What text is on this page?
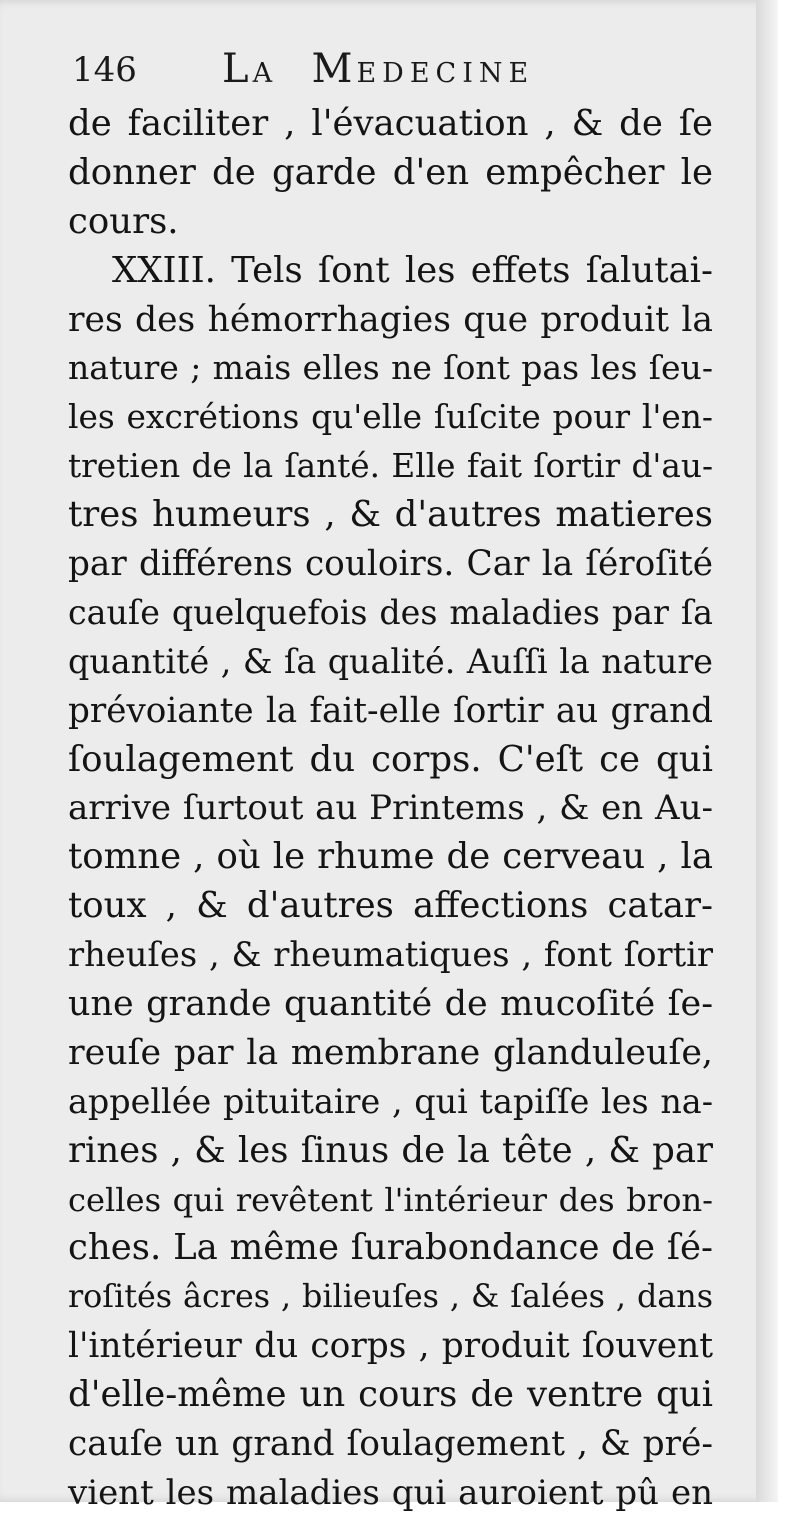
146 LA MEDECINE
de faciliter , l'évacuation , & de ſe
donner de garde d'en empêcher le
cours.
XXIII. Tels ſont les effets ſalutai-
res des hémorrhagies que produit la
nature ; mais elles ne ſont pas les ſeu-
les excrétions qu'elle ſuſcite pour l'en-
tretien de la ſanté. Elle fait ſortir d'au-
tres humeurs , & d'autres matieres
par différens couloirs. Car la ſéroſité
cauſe quelquefois des maladies par ſa
quantité , & ſa qualité. Auſſi la nature
prévoiante la fait-elle ſortir au grand
ſoulagement du corps. C'eſt ce qui
arrive ſurtout au Printems , & en Au-
tomne , où le rhume de cerveau , la
toux , & d'autres affections catar-
rheuſes , & rheumatiques , font ſortir
une grande quantité de mucoſité ſe-
reuſe par la membrane glanduleuſe,
appellée pituitaire , qui tapiſſe les na-
rines , & les ſinus de la tête , & par
celles qui revêtent l'intérieur des bron-
ches. La même ſurabondance de ſé-
roſités âcres , bilieuſes , & ſalées , dans
l'intérieur du corps , produit ſouvent
d'elle-même un cours de ventre qui
cauſe un grand ſoulagement , & pré-
vient les maladies qui auroient pû en
